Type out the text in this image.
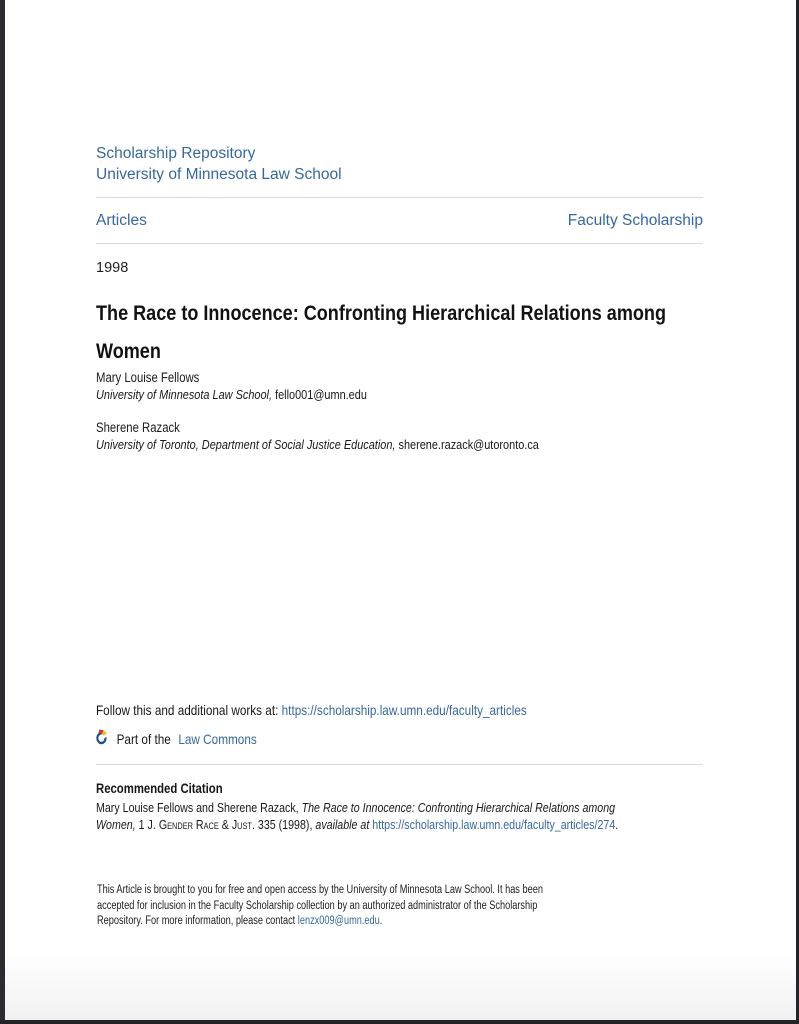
Scholarship Repository
University of Minnesota Law School
Articles	Faculty Scholarship
1998
The Race to Innocence: Confronting Hierarchical Relations among Women
Mary Louise Fellows
University of Minnesota Law School, fello001@umn.edu
Sherene Razack
University of Toronto, Department of Social Justice Education, sherene.razack@utoronto.ca
Follow this and additional works at: https://scholarship.law.umn.edu/faculty_articles
Part of the Law Commons
Recommended Citation

Mary Louise Fellows and Sherene Razack, The Race to Innocence: Confronting Hierarchical Relations among Women, 1 J. Gender Race & Just. 335 (1998), available at https://scholarship.law.umn.edu/faculty_articles/274.

This Article is brought to you for free and open access by the University of Minnesota Law School. It has been accepted for inclusion in the Faculty Scholarship collection by an authorized administrator of the Scholarship Repository. For more information, please contact lenzx009@umn.edu.
